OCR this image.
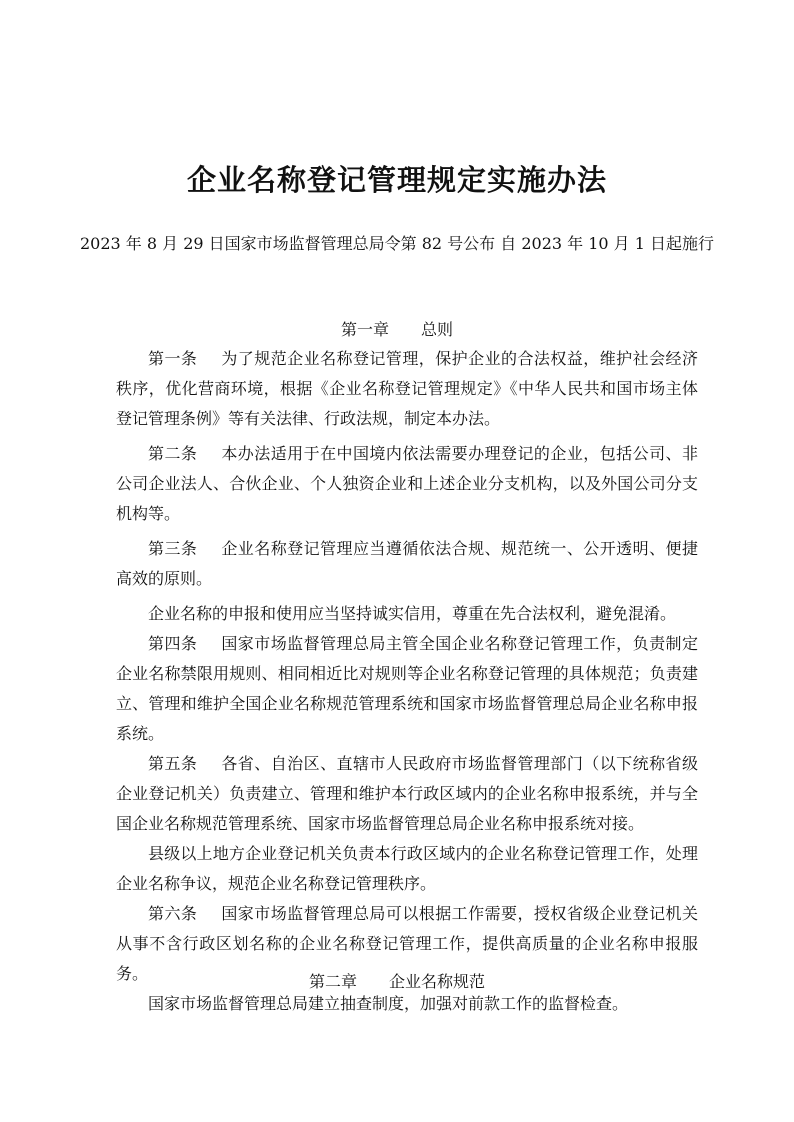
企业名称登记管理规定实施办法
2023 年 8 月 29 日国家市场监督管理总局令第 82 号公布 自 2023 年 10 月 1 日起施行
第一章　　总则

第一条 为了规范企业名称登记管理，保护企业的合法权益，维护社会经济秩序，优化营商环境，根据《企业名称登记管理规定》《中华人民共和国市场主体登记管理条例》等有关法律、行政法规，制定本办法。

第二条 本办法适用于在中国境内依法需要办理登记的企业，包括公司、非公司企业法人、合伙企业、个人独资企业和上述企业分支机构，以及外国公司分支机构等。

第三条 企业名称登记管理应当遵循依法合规、规范统一、公开透明、便捷高效的原则。

企业名称的申报和使用应当坚持诚实信用，尊重在先合法权利，避免混淆。

第四条 国家市场监督管理总局主管全国企业名称登记管理工作，负责制定企业名称禁限用规则、相同相近比对规则等企业名称登记管理的具体规范；负责建立、管理和维护全国企业名称规范管理系统和国家市场监督管理总局企业名称申报系统。

第五条 各省、自治区、直辖市人民政府市场监督管理部门（以下统称省级企业登记机关）负责建立、管理和维护本行政区域内的企业名称申报系统，并与全国企业名称规范管理系统、国家市场监督管理总局企业名称申报系统对接。

县级以上地方企业登记机关负责本行政区域内的企业名称登记管理工作，处理企业名称争议，规范企业名称登记管理秩序。

第六条 国家市场监督管理总局可以根据工作需要，授权省级企业登记机关从事不含行政区划名称的企业名称登记管理工作，提供高质量的企业名称申报服务。

国家市场监督管理总局建立抽查制度，加强对前款工作的监督检查。

第二章　　企业名称规范
